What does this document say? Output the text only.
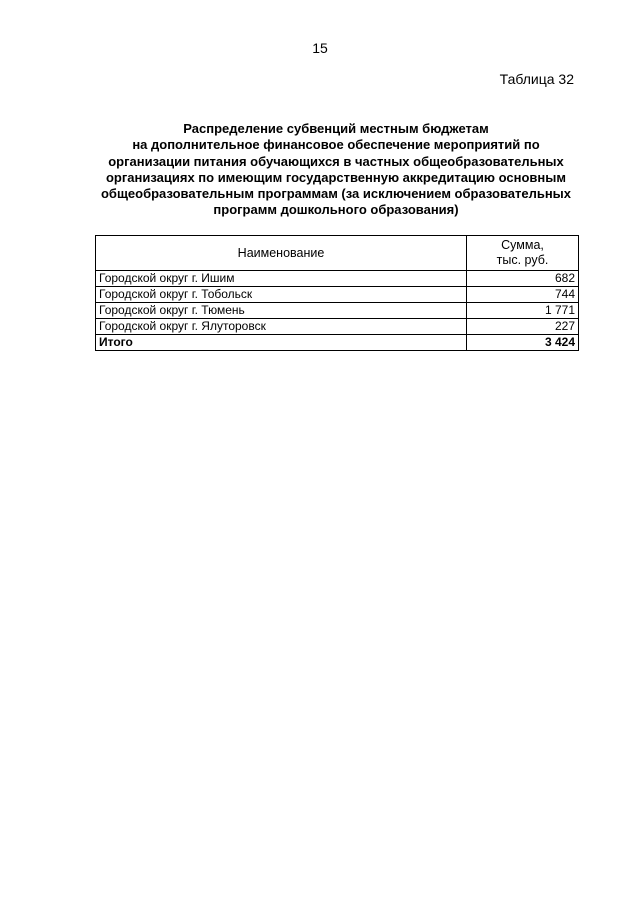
15
Таблица 32
Распределение субвенций местным бюджетам
на дополнительное финансовое обеспечение мероприятий по
организации питания обучающихся в частных общеобразовательных
организациях по имеющим государственную аккредитацию основным
общеобразовательным программам (за исключением образовательных
программ дошкольного образования)
Наименование	Сумма,
тыс. руб.
Городской округ г. Ишим	682
Городской округ г. Тобольск	744
Городской округ г. Тюмень	1 771
Городской округ г. Ялуторовск	227
Итого	3 424
